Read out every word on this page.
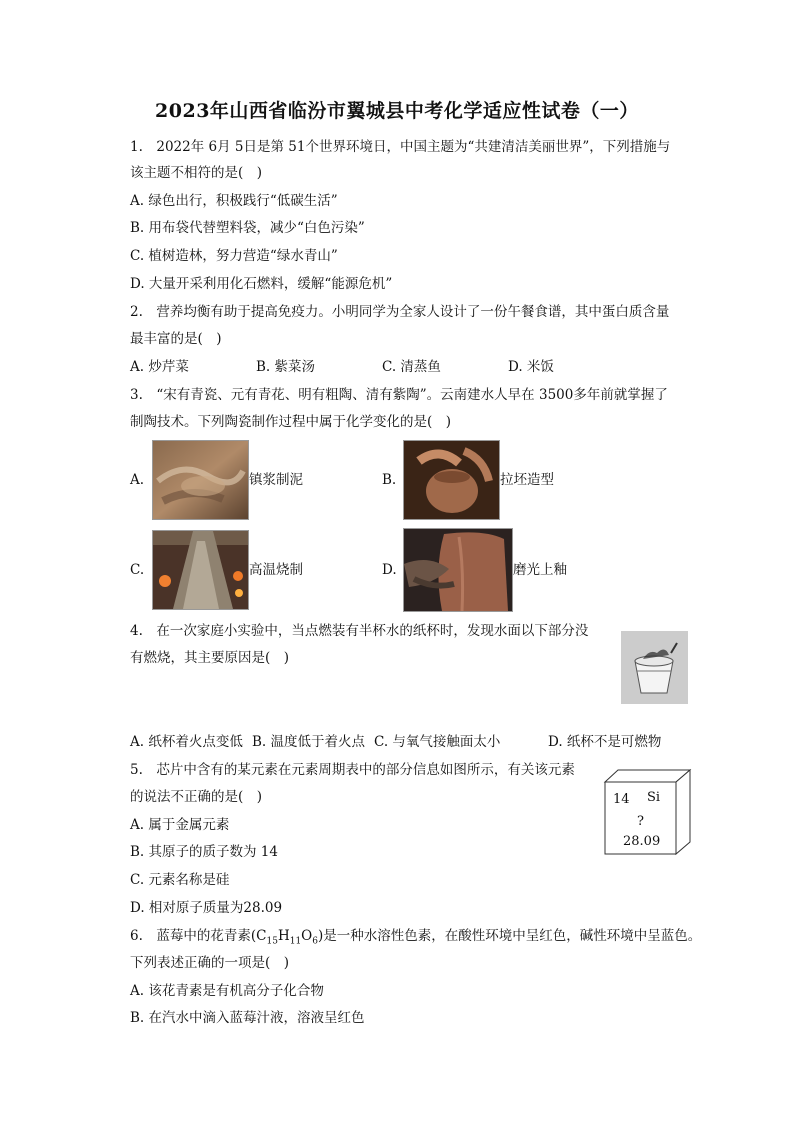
2023年山西省临汾市翼城县中考化学适应性试卷（一）
1.　2022年 6月 5日是第 51个世界环境日，中国主题为“共建清洁美丽世界”，下列措施与
该主题不相符的是(　)
A. 绿色出行，积极践行“低碳生活”
B. 用布袋代替塑料袋，减少“白色污染”
C. 植树造林，努力营造“绿水青山”
D. 大量开采利用化石燃料，缓解“能源危机”
2.　营养均衡有助于提高免疫力。小明同学为全家人设计了一份午餐食谱，其中蛋白质含量
最丰富的是(　)
A. 炒芹菜	B. 紫菜汤	C. 清蒸鱼	D. 米饭
3.　“宋有青瓷、元有青花、明有粗陶、清有紫陶”。云南建水人早在 3500多年前就掌握了
制陶技术。下列陶瓷制作过程中属于化学变化的是(　)
A.	镇浆制泥	B.	拉坯造型
C.	高温烧制	D.	磨光上釉
4.　在一次家庭小实验中，当点燃装有半杯水的纸杯时，发现水面以下部分没
有燃烧，其主要原因是(　)
A. 纸杯着火点变低 B. 温度低于着火点 C. 与氧气接触面太小	D. 纸杯不是可燃物
5.　芯片中含有的某元素在元素周期表中的部分信息如图所示，有关该元素
的说法不正确的是(　)
A. 属于金属元素
B. 其原子的质子数为 14
C. 元素名称是硅
D. 相对原子质量为28.09
14 Si
?
28.09
6.　蓝莓中的花青素$(C_{15}H_{11}O_6)$是一种水溶性色素，在酸性环境中呈红色，碱性环境中呈蓝色。
下列表述正确的一项是(　)
A. 该花青素是有机高分子化合物
B. 在汽水中滴入蓝莓汁液，溶液呈红色
